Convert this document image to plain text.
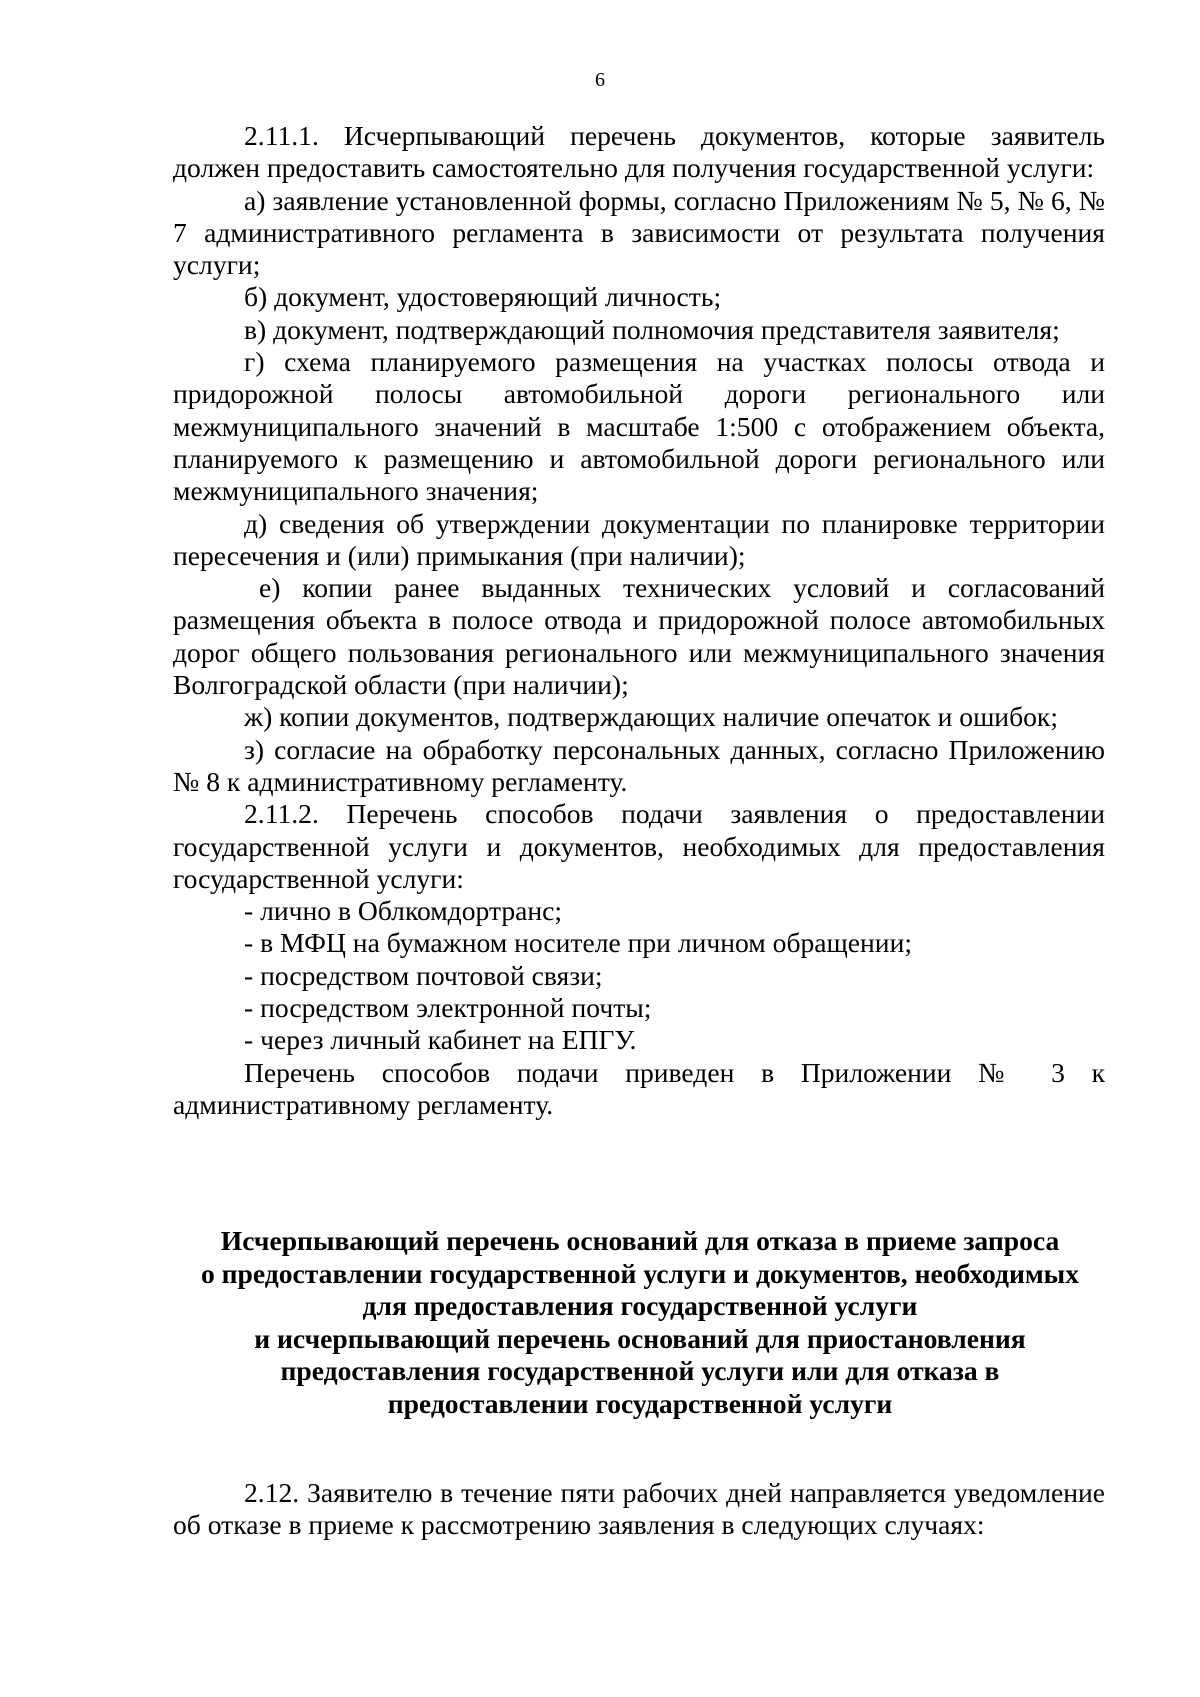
6

2.11.1. Исчерпывающий перечень документов, которые заявитель должен предоставить самостоятельно для получения государственной услуги:

а) заявление установленной формы, согласно Приложениям № 5, № 6, № 7 административного регламента в зависимости от результата получения услуги;

б) документ, удостоверяющий личность;

в) документ, подтверждающий полномочия представителя заявителя;

г) схема планируемого размещения на участках полосы отвода и придорожной полосы автомобильной дороги регионального или межмуниципального значений в масштабе 1:500 с отображением объекта, планируемого к размещению и автомобильной дороги регионального или межмуниципального значения;

д) сведения об утверждении документации по планировке территории пересечения и (или) примыкания (при наличии);

е) копии ранее выданных технических условий и согласований размещения объекта в полосе отвода и придорожной полосе автомобильных дорог общего пользования регионального или межмуниципального значения Волгоградской области (при наличии);

ж) копии документов, подтверждающих наличие опечаток и ошибок;

з) согласие на обработку персональных данных, согласно Приложению № 8 к административному регламенту.

2.11.2. Перечень способов подачи заявления о предоставлении государственной услуги и документов, необходимых для предоставления государственной услуги:

- лично в Облкомдортранс;

- в МФЦ на бумажном носителе при личном обращении;

- посредством почтовой связи;

- посредством электронной почты;

- через личный кабинет на ЕПГУ.

Перечень способов подачи приведен в Приложении № 3 к административному регламенту.

Исчерпывающий перечень оснований для отказа в приеме запроса
о предоставлении государственной услуги и документов, необходимых
для предоставления государственной услуги
и исчерпывающий перечень оснований для приостановления
предоставления государственной услуги или для отказа в
предоставлении государственной услуги

2.12. Заявителю в течение пяти рабочих дней направляется уведомление об отказе в приеме к рассмотрению заявления в следующих случаях:
